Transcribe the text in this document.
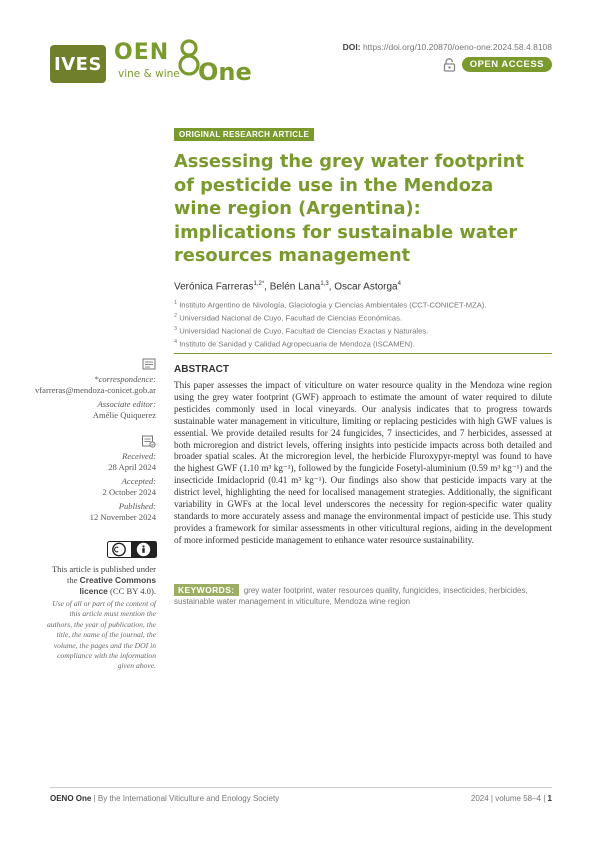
IVES OEN
One
vine & wine
DOI: https://doi.org/10.20870/oeno-one.2024.58.4.8108
OPEN ACCESS
ORIGINAL RESEARCH ARTICLE
Assessing the grey water footprint of pesticide use in the Mendoza wine region (Argentina): implications for sustainable water resources management
Verónica Farreras$^{1,2*}$, Belén Lana$^{1,3}$, Oscar Astorga$^4$
$^1$ Instituto Argentino de Nivología, Glaciología y Ciencias Ambientales (CCT-CONICET-MZA).
$^2$ Universidad Nacional de Cuyo, Facultad de Ciencias Económicas.
$^3$ Universidad Nacional de Cuyo, Facultad de Ciencias Exactas y Naturales.
$^4$ Instituto de Sanidad y Calidad Agropecuaria de Mendoza (ISCAMEN).
*correspondence:
vfarreras@mendoza-conicet.gob.ar
Associate editor:
Amélie Quiquerez
Received:
28 April 2024
Accepted:
2 October 2024
Published:
12 November 2024
This article is published under the Creative Commons licence (CC BY 4.0).
Use of all or part of the content of this article must mention the authors, the year of publication, the title, the name of the journal, the volume, the pages and the DOI in compliance with the information given above.
ABSTRACT

This paper assesses the impact of viticulture on water resource quality in the Mendoza wine region using the grey water footprint (GWF) approach to estimate the amount of water required to dilute pesticides commonly used in local vineyards. Our analysis indicates that to progress towards sustainable water management in viticulture, limiting or replacing pesticides with high GWF values is essential. We provide detailed results for 24 fungicides, 7 insecticides, and 7 herbicides, assessed at both microregion and district levels, offering insights into pesticide impacts across both detailed and broader spatial scales. At the microregion level, the herbicide Fluroxypyr-meptyl was found to have the highest GWF (1.10 m³ kg⁻¹), followed by the fungicide Fosetyl-aluminium (0.59 m³ kg⁻¹) and the insecticide Imidacloprid (0.41 m³ kg⁻¹). Our findings also show that pesticide impacts vary at the district level, highlighting the need for localised management strategies. Additionally, the significant variability in GWFs at the local level underscores the necessity for region-specific water quality standards to more accurately assess and manage the environmental impact of pesticide use. This study provides a framework for similar assessments in other viticultural regions, aiding in the development of more informed pesticide management to enhance water resource sustainability.

KEYWORDS: grey water footprint, water resources quality, fungicides, insecticides, herbicides, sustainable water management in viticulture, Mendoza wine region
OENO One | By the International Viticulture and Enology Society	2024 | volume 58–4 | 1
